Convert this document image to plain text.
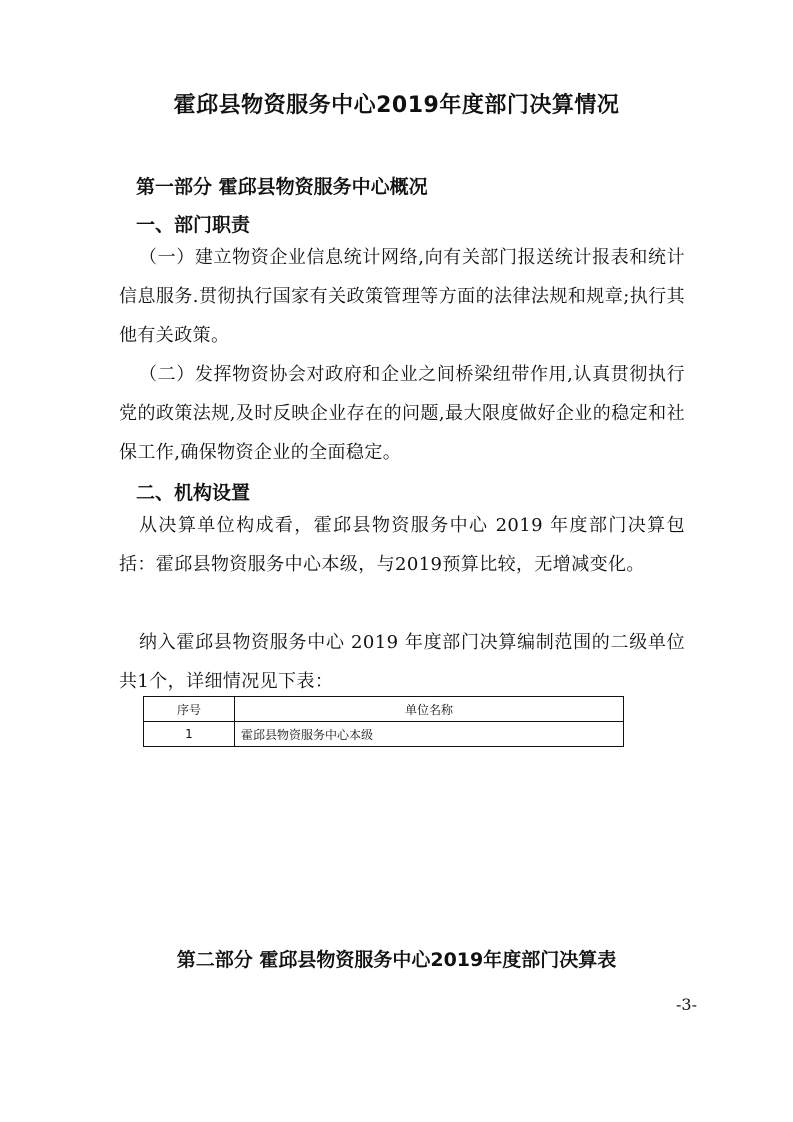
霍邱县物资服务中心2019年度部门决算情况
第一部分 霍邱县物资服务中心概况
一、部门职责

（一）建立物资企业信息统计网络,向有关部门报送统计报表和统计信息服务.贯彻执行国家有关政策管理等方面的法律法规和规章;执行其他有关政策。

（二）发挥物资协会对政府和企业之间桥梁纽带作用,认真贯彻执行党的政策法规,及时反映企业存在的问题,最大限度做好企业的稳定和社保工作,确保物资企业的全面稳定。

二、机构设置

从决算单位构成看，霍邱县物资服务中心 2019 年度部门决算包括：霍邱县物资服务中心本级，与2019预算比较，无增减变化。

纳入霍邱县物资服务中心 2019 年度部门决算编制范围的二级单位共1个，详细情况见下表：

序号	单位名称
1	霍邱县物资服务中心本级
第二部分 霍邱县物资服务中心2019年度部门决算表

-3-
